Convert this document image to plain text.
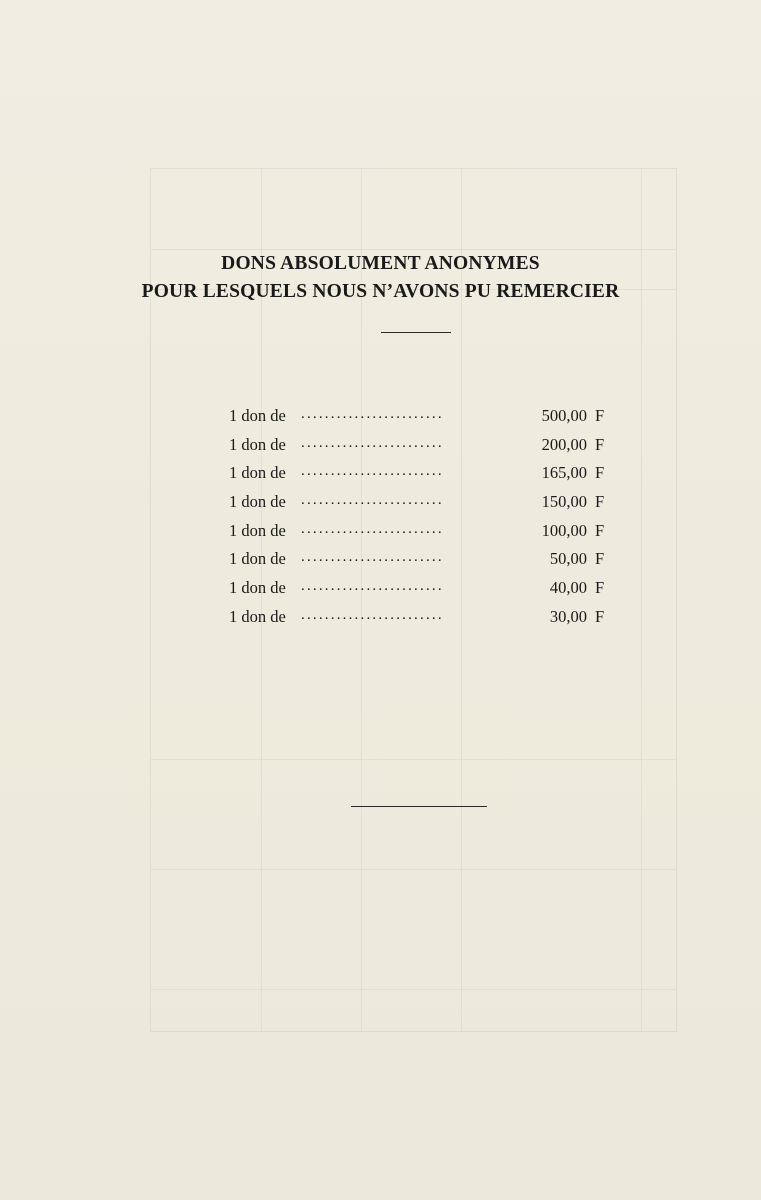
DONS ABSOLUMENT ANONYMES
POUR LESQUELS NOUS N’AVONS PU REMERCIER
1 don de ........................	500,00 F
1 don de ........................	200,00 F
1 don de ........................	165,00 F
1 don de ........................	150,00 F
1 don de ........................	100,00 F
1 don de ........................	50,00 F
1 don de ........................	40,00 F
1 don de ........................	30,00 F
